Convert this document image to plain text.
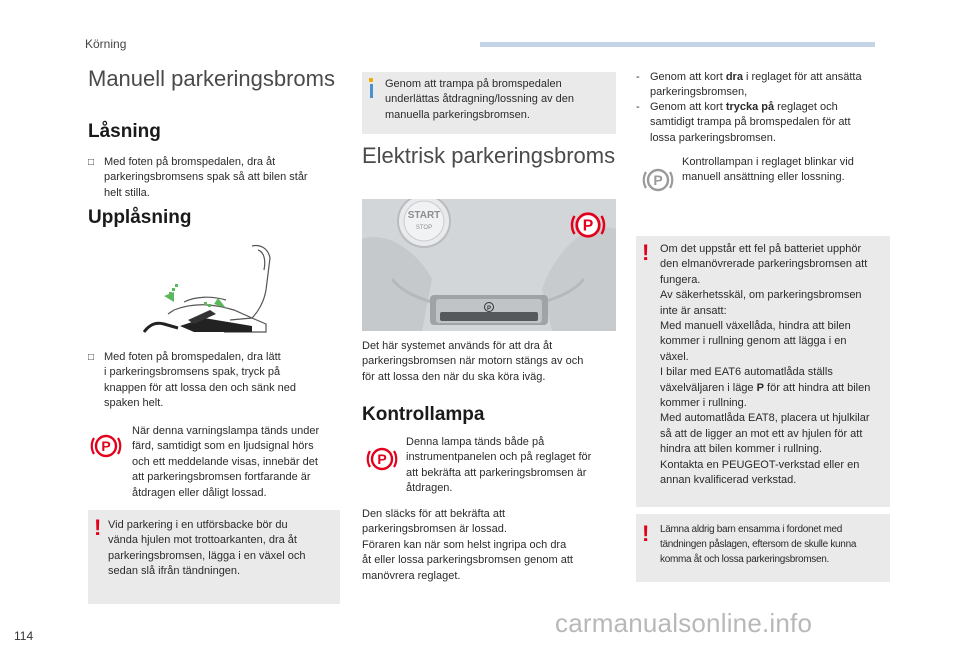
Körning
114	carmanualsonline.info
Manuell parkeringsbroms
Låsning
□ Med foten på bromspedalen, dra åt
parkeringsbromsens spak så att bilen står
helt stilla.
Upplåsning
□ Med foten på bromspedalen, dra lätt
i parkeringsbromsens spak, tryck på
knappen för att lossa den och sänk ned
spaken helt.
P
När denna varningslampa tänds under
färd, samtidigt som en ljudsignal hörs
och ett meddelande visas, innebär det
att parkeringsbromsen fortfarande är
åtdragen eller dåligt lossad.
! Vid parkering i en utförsbacke bör du
vända hjulen mot trottoarkanten, dra åt
parkeringsbromsen, lägga i en växel och
sedan slå ifrån tändningen.
Genom att trampa på bromspedalen
underlättas åtdragning/lossning av den
manuella parkeringsbromsen.
Elektrisk parkeringsbroms
START
STOP
P
P
Det här systemet används för att dra åt
parkeringsbromsen när motorn stängs av och
för att lossa den när du ska köra iväg.
Kontrollampa
P
Denna lampa tänds både på
instrumentpanelen och på reglaget för
att bekräfta att parkeringsbromsen är
åtdragen.
Den släcks för att bekräfta att
parkeringsbromsen är lossad.
Föraren kan när som helst ingripa och dra
åt eller lossa parkeringsbromsen genom att
manövrera reglaget.
- Genom att kort dra i reglaget för att ansätta
parkeringsbromsen,
- Genom att kort trycka på reglaget och
samtidigt trampa på bromspedalen för att
lossa parkeringsbromsen.
P
Kontrollampan i reglaget blinkar vid
manuell ansättning eller lossning.
! Om det uppstår ett fel på batteriet upphör
den elmanövrerade parkeringsbromsen att
fungera.
Av säkerhetsskäl, om parkeringsbromsen
inte är ansatt:
Med manuell växellåda, hindra att bilen
kommer i rullning genom att lägga i en
växel.
I bilar med EAT6 automatlåda ställs
växelväljaren i läge P för att hindra att bilen
kommer i rullning.
Med automatlåda EAT8, placera ut hjulkilar
så att de ligger an mot ett av hjulen för att
hindra att bilen kommer i rullning.
Kontakta en PEUGEOT-verkstad eller en
annan kvalificerad verkstad.
! Lämna aldrig barn ensamma i fordonet med
tändningen påslagen, eftersom de skulle kunna
komma åt och lossa parkeringsbromsen.
